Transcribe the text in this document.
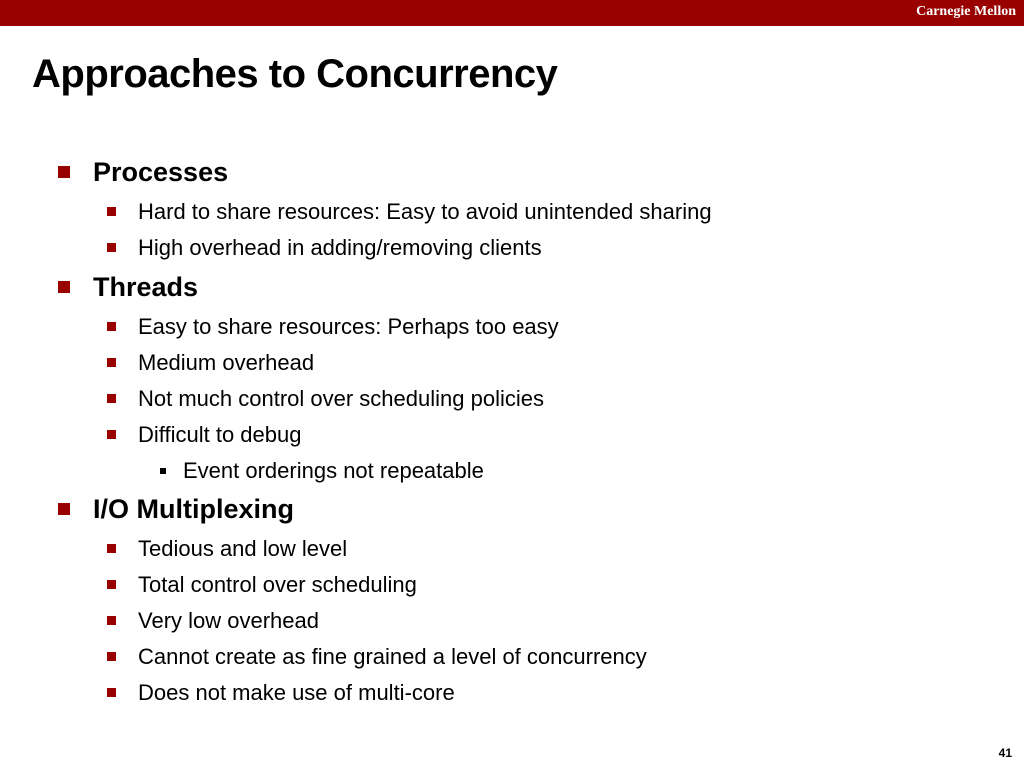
Carnegie Mellon
Approaches to Concurrency
Processes
Hard to share resources: Easy to avoid unintended sharing
High overhead in adding/removing clients
Threads
Easy to share resources: Perhaps too easy
Medium overhead
Not much control over scheduling policies
Difficult to debug
Event orderings not repeatable
I/O Multiplexing
Tedious and low level
Total control over scheduling
Very low overhead
Cannot create as fine grained a level of concurrency
Does not make use of multi-core
41
